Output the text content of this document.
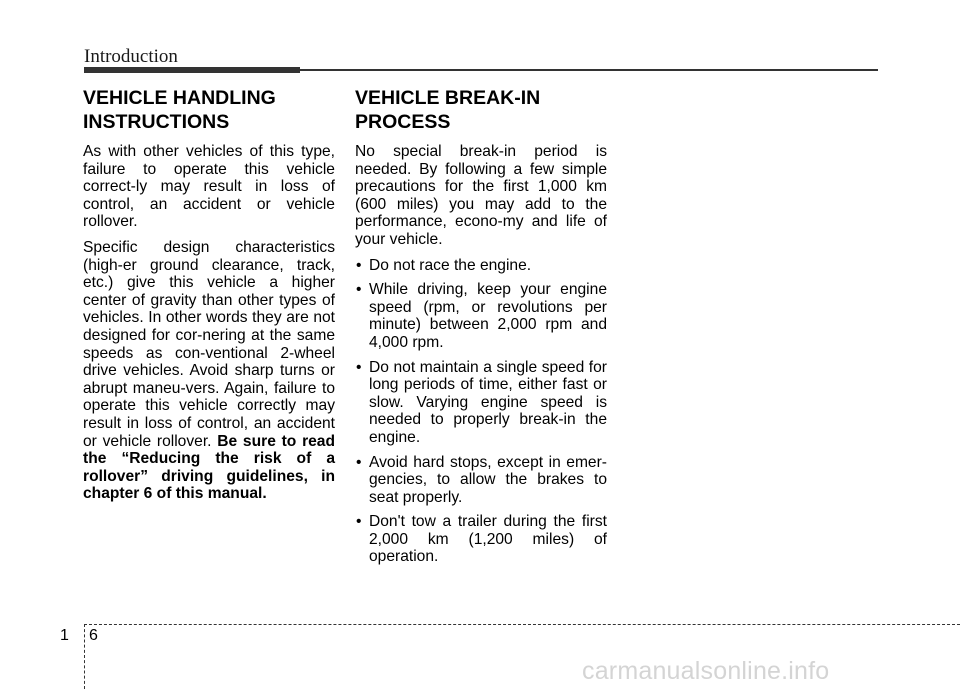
Introduction
VEHICLE HANDLING
INSTRUCTIONS

As with other vehicles of this type, failure to operate this vehicle correct-ly may result in loss of control, an accident or vehicle rollover.

Specific design characteristics (high-er ground clearance, track, etc.) give this vehicle a higher center of gravity than other types of vehicles. In other words they are not designed for cor-nering at the same speeds as con-ventional 2-wheel drive vehicles. Avoid sharp turns or abrupt maneu-vers. Again, failure to operate this vehicle correctly may result in loss of control, an accident or vehicle rollover. Be sure to read the “Reducing the risk of a rollover” driving guidelines, in chapter 6 of this manual.

VEHICLE BREAK-IN
PROCESS

No special break-in period is needed. By following a few simple precautions for the first 1,000 km (600 miles) you may add to the performance, econo-my and life of your vehicle.

• Do not race the engine.
• While driving, keep your engine speed (rpm, or revolutions per minute) between 2,000 rpm and 4,000 rpm.
• Do not maintain a single speed for long periods of time, either fast or slow. Varying engine speed is needed to properly break-in the engine.
• Avoid hard stops, except in emer-gencies, to allow the brakes to seat properly.
• Don't tow a trailer during the first 2,000 km (1,200 miles) of operation.
1 6
carmanualsonline.info
